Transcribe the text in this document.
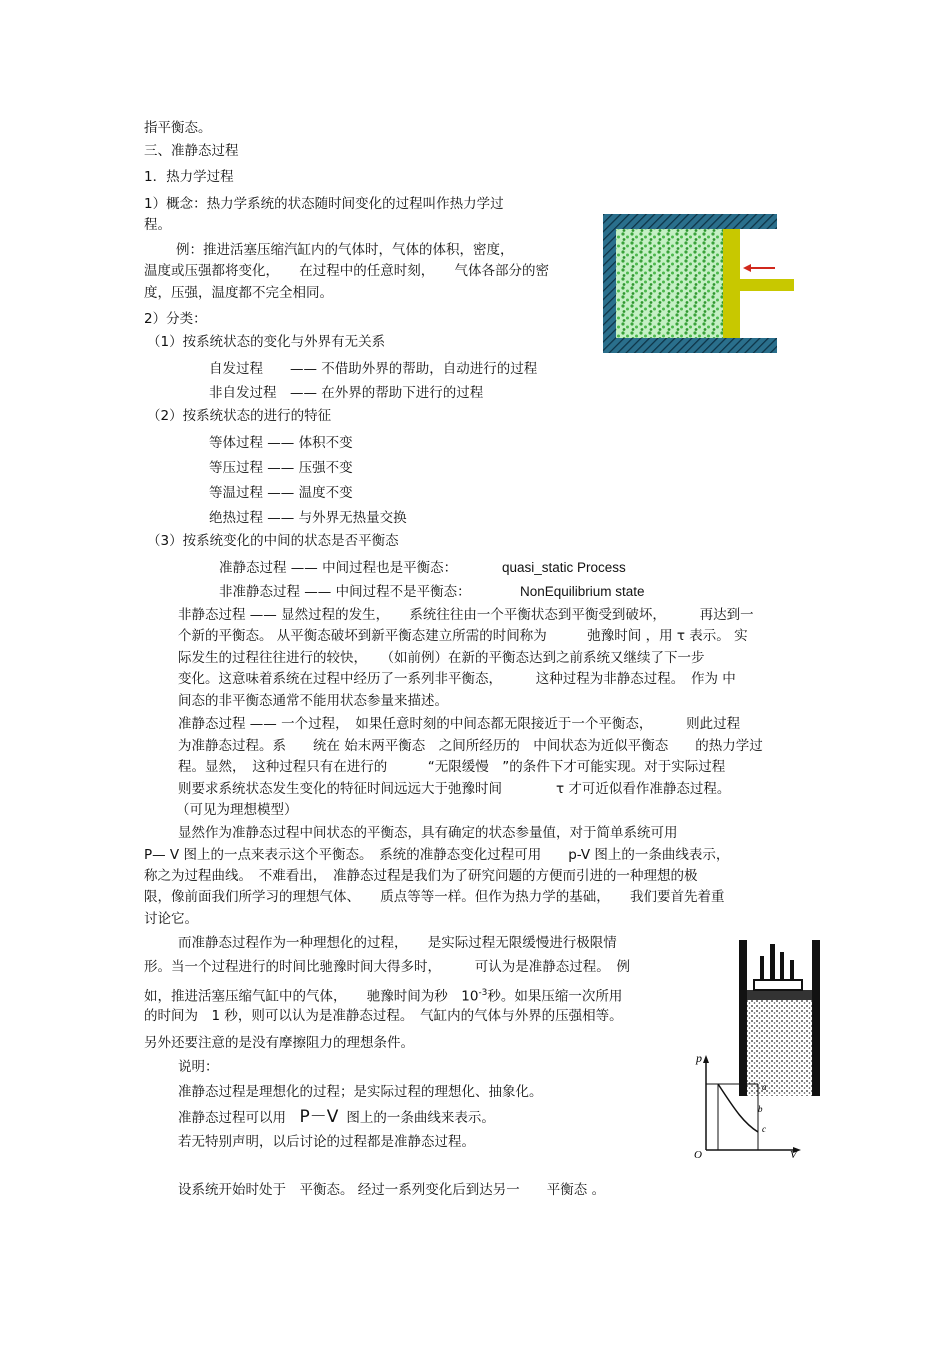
指平衡态。
三、准静态过程
1．热力学过程
1）概念：热力学系统的状态随时间变化的过程叫作热力学过
程。
例：推进活塞压缩汽缸内的气体时，气体的体积，密度，
温度或压强都将变化，　　在过程中的任意时刻，　　气体各部分的密
度，压强，温度都不完全相同。
2）分类：
（1）按系统状态的变化与外界有无关系
自发过程　　—— 不借助外界的帮助，自动进行的过程
非自发过程　—— 在外界的帮助下进行的过程
（2）按系统状态的进行的特征
等体过程 —— 体积不变
等压过程 —— 压强不变
等温过程 —— 温度不变
绝热过程 —— 与外界无热量交换
（3）按系统变化的中间的状态是否平衡态
准静态过程 —— 中间过程也是平衡态：	quasi_static Process
非准静态过程 —— 中间过程不是平衡态：	NonEquilibrium state
非静态过程 —— 显然过程的发生，　　系统往往由一个平衡状态到平衡受到破坏，　　　再达到一
个新的平衡态。 从平衡态破坏到新平衡态建立所需的时间称为　　　弛豫时间 ，用 τ 表示。 实
际发生的过程往往进行的较快，　　（如前例）在新的平衡态达到之前系统又继续了下一步
变化。这意味着系统在过程中经历了一系列非平衡态，　　　这种过程为非静态过程。　作为 中
间态的非平衡态通常不能用状态参量来描述。
准静态过程 —— 一个过程，　如果任意时刻的中间态都无限接近于一个平衡态，　　　则此过程
为准静态过程。系　　统在 始末两平衡态　之间所经历的　中间状态为近似平衡态　　的热力学过
程。显然，　这种过程只有在进行的　　　“无限缓慢　”的条件下才可能实现。对于实际过程
则要求系统状态发生变化的特征时间远远大于弛豫时间　　　　τ 才可近似看作准静态过程。
（可见为理想模型）
显然作为准静态过程中间状态的平衡态，具有确定的状态参量值，对于简单系统可用
P— V 图上的一点来表示这个平衡态。　系统的准静态变化过程可用　　p-V 图上的一条曲线表示，
称之为过程曲线。　不难看出，　准静态过程是我们为了研究问题的方便而引进的一种理想的极
限，像前面我们所学习的理想气体、　　质点等等一样。但作为热力学的基础，　　我们要首先着重
讨论它。
而准静态过程作为一种理想化的过程，　　是实际过程无限缓慢进行极限情
形。当一个过程进行的时间比驰豫时间大得多时，　　　可认为是准静态过程。　例
如，推进活塞压缩气缸中的气体，　　驰豫时间为秒　$10^{-3}$秒。如果压缩一次所用
的时间为　1 秒，则可以认为是准静态过程。　气缸内的气体与外界的压强相等。
另外还要注意的是没有摩擦阻力的理想条件。
说明：
准静态过程是理想化的过程；是实际过程的理想化、抽象化。
准静态过程可以用　P－V 图上的一条曲线来表示。
若无特别声明，以后讨论的过程都是准静态过程。
设系统开始时处于　平衡态。 经过一系列变化后到达另一　　平衡态 。
p
V
O
a
b
c
